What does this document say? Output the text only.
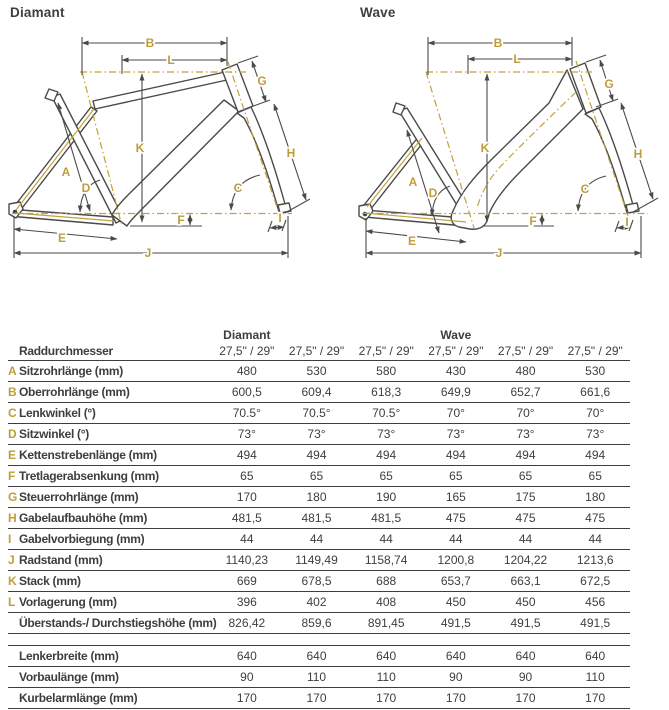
Diamant	Wave
B
L
K
A
D	C
G
H
E
F
J
I
B
L
K
A
D	C
G
H
E
F
J
I
Diamant	Wave
Raddurchmesser	27,5" / 29"	27,5" / 29"	27,5" / 29"	27,5" / 29"	27,5" / 29"	27,5" / 29"
A Sitzrohrlänge (mm)	480	530	580	430	480	530
B Oberrohrlänge (mm)	600,5	609,4	618,3	649,9	652,7	661,6
C Lenkwinkel (°)	70.5°	70.5°	70.5°	70°	70°	70°
D Sitzwinkel (°)	73°	73°	73°	73°	73°	73°
E Kettenstrebenlänge (mm)	494	494	494	494	494	494
F Tretlagerabsenkung (mm)	65	65	65	65	65	65
G Steuerrohrlänge (mm)	170	180	190	165	175	180
H Gabelaufbauhöhe (mm)	481,5	481,5	481,5	475	475	475
I Gabelvorbiegung (mm)	44	44	44	44	44	44
J Radstand (mm)	1140,23	1149,49	1158,74	1200,8	1204,22	1213,6
K Stack (mm)	669	678,5	688	653,7	663,1	672,5
L Vorlagerung (mm)	396	402	408	450	450	456
Überstands-/ Durchstiegshöhe (mm)	826,42	859,6	891,45	491,5	491,5	491,5
Lenkerbreite (mm)	640	640	640	640	640	640
Vorbaulänge (mm)	90	110	110	90	90	110
Kurbelarmlänge (mm)	170	170	170	170	170	170
